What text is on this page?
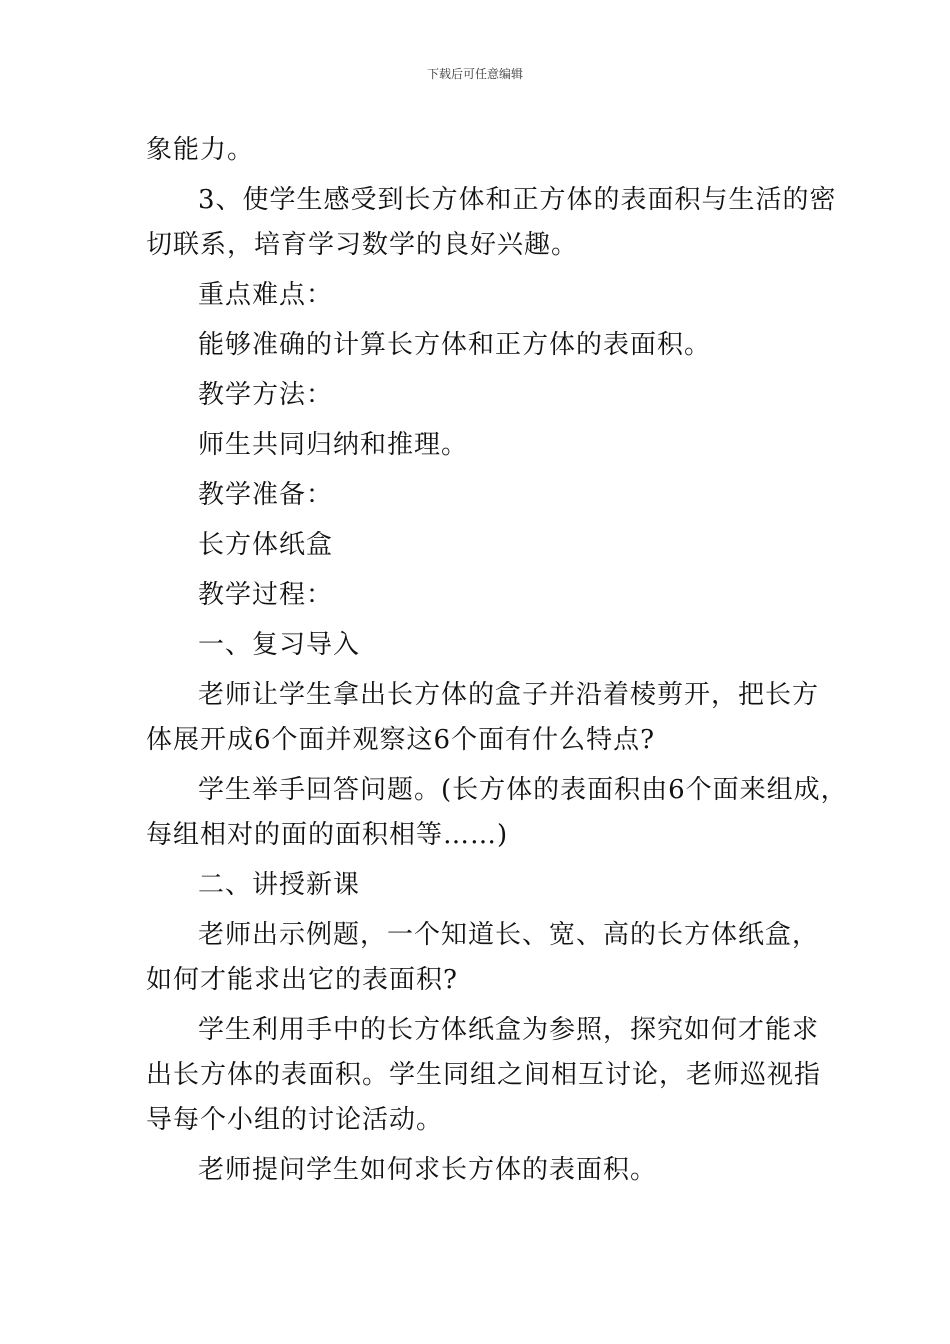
下载后可任意编辑
象能力。
3、使学生感受到长方体和正方体的表面积与生活的密
切联系，培育学习数学的良好兴趣。
重点难点：
能够准确的计算长方体和正方体的表面积。
教学方法：
师生共同归纳和推理。
教学准备：
长方体纸盒
教学过程：
一、复习导入
老师让学生拿出长方体的盒子并沿着棱剪开，把长方
体展开成6个面并观察这6个面有什么特点?
学生举手回答问题。(长方体的表面积由6个面来组成，
每组相对的面的面积相等……)
二、讲授新课
老师出示例题，一个知道长、宽、高的长方体纸盒，
如何才能求出它的表面积?
学生利用手中的长方体纸盒为参照，探究如何才能求
出长方体的表面积。学生同组之间相互讨论，老师巡视指
导每个小组的讨论活动。
老师提问学生如何求长方体的表面积。
